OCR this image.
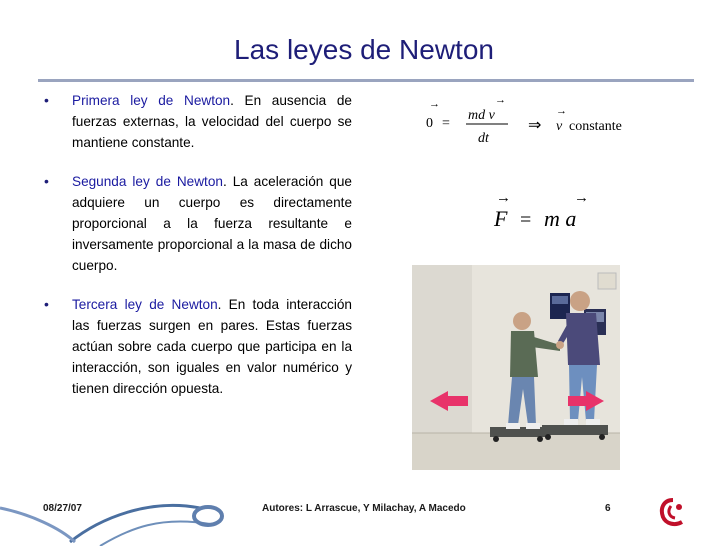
Las leyes de Newton
• Primera ley de Newton. En ausencia de fuerzas externas, la velocidad del cuerpo se mantiene constante.
• Segunda ley de Newton. La aceleración que adquiere un cuerpo es directamente proporcional a la fuerza resultante e inversamente proporcional a la masa de dicho cuerpo.
• Tercera ley de Newton. En toda interacción las fuerzas surgen en pares. Estas fuerzas actúan sobre cada cuerpo que participa en la interacción, son iguales en valor numérico y tienen dirección opuesta.
→
0 =
→
md v
dt
⇒
→
v constante
→	→
F = m a
08/27/07	Autores: L Arrascue, Y Milachay, A Macedo	6
